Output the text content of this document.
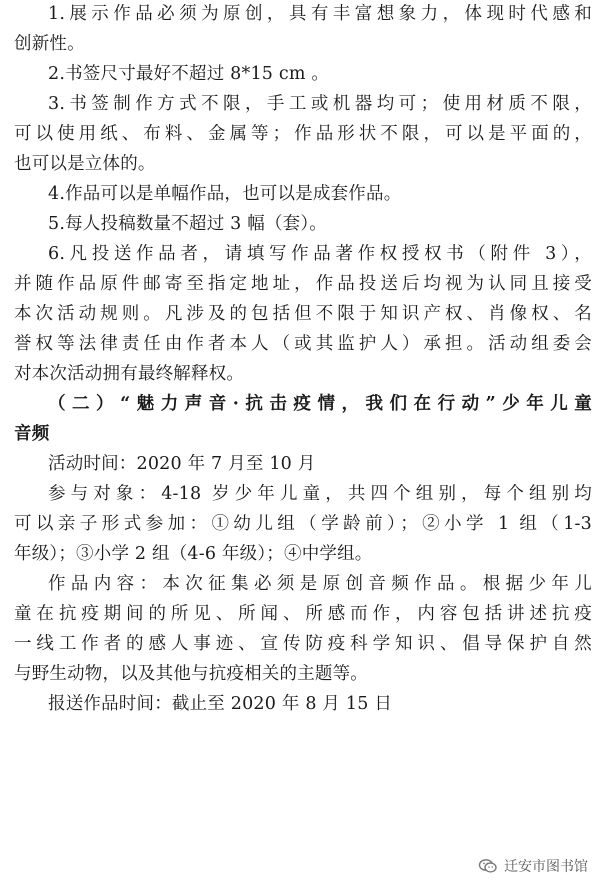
1.展示作品必须为原创，具有丰富想象力，体现时代感和
创新性。
2.书签尺寸最好不超过 8*15 cm 。
3.书签制作方式不限，手工或机器均可；使用材质不限，
可以使用纸、布料、金属等；作品形状不限，可以是平面的，
也可以是立体的。
4.作品可以是单幅作品，也可以是成套作品。
5.每人投稿数量不超过 3 幅（套）。
6.凡投送作品者，请填写作品著作权授权书（附件 3），
并随作品原件邮寄至指定地址，作品投送后均视为认同且接受
本次活动规则。凡涉及的包括但不限于知识产权、肖像权、名
誉权等法律责任由作者本人（或其监护人）承担。活动组委会
对本次活动拥有最终解释权。
（二）“魅力声音·抗击疫情，我们在行动”少年儿童
音频
活动时间：2020 年 7 月至 10 月
参与对象：4-18 岁少年儿童，共四个组别，每个组别均
可以亲子形式参加：①幼儿组（学龄前）；②小学 1 组（1-3
年级）；③小学 2 组（4-6 年级）；④中学组。
作品内容：本次征集必须是原创音频作品。根据少年儿
童在抗疫期间的所见、所闻、所感而作，内容包括讲述抗疫
一线工作者的感人事迹、宣传防疫科学知识、倡导保护自然
与野生动物，以及其他与抗疫相关的主题等。
报送作品时间：截止至 2020 年 8 月 15 日
迁安市图书馆
